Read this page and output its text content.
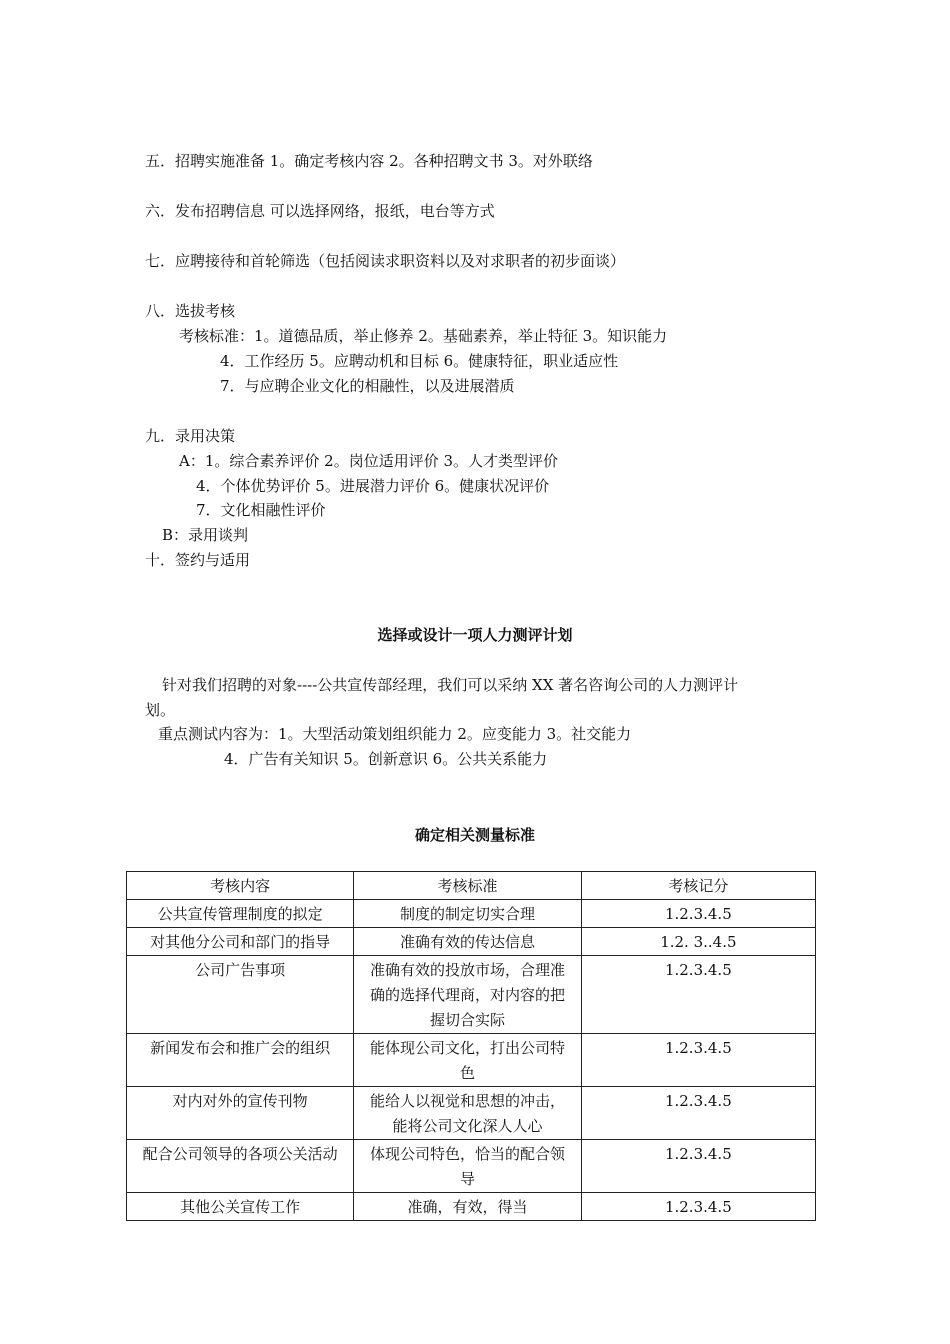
五．招聘实施准备 1。确定考核内容 2。各种招聘文书 3。对外联络
六．发布招聘信息 可以选择网络，报纸，电台等方式
七．应聘接待和首轮筛选（包括阅读求职资料以及对求职者的初步面谈）
八．选拔考核
考核标准：1。道德品质，举止修养 2。基础素养，举止特征 3。知识能力
4．工作经历 5。应聘动机和目标 6。健康特征，职业适应性
7．与应聘企业文化的相融性，以及进展潜质
九．录用决策
A：1。综合素养评价 2。岗位适用评价 3。人才类型评价
4．个体优势评价 5。进展潜力评价 6。健康状况评价
7．文化相融性评价
B：录用谈判
十．签约与适用
选择或设计一项人力测评计划
针对我们招聘的对象----公共宣传部经理，我们可以采纳 XX 著名咨询公司的人力测评计
划。
重点测试内容为：1。大型活动策划组织能力 2。应变能力 3。社交能力
4．广告有关知识 5。创新意识 6。公共关系能力
确定相关测量标准
考核内容	考核标准	考核记分
公共宣传管理制度的拟定	制度的制定切实合理	1.2.3.4.5
对其他分公司和部门的指导	准确有效的传达信息	1.2. 3..4.5
公司广告事项	准确有效的投放市场，合理准确的选择代理商，对内容的把握切合实际	1.2.3.4.5
新闻发布会和推广会的组织	能体现公司文化，打出公司特色	1.2.3.4.5
对内对外的宣传刊物	能给人以视觉和思想的冲击，能将公司文化深人人心	1.2.3.4.5
配合公司领导的各项公关活动	体现公司特色，恰当的配合领导	1.2.3.4.5
其他公关宣传工作	准确，有效，得当	1.2.3.4.5
